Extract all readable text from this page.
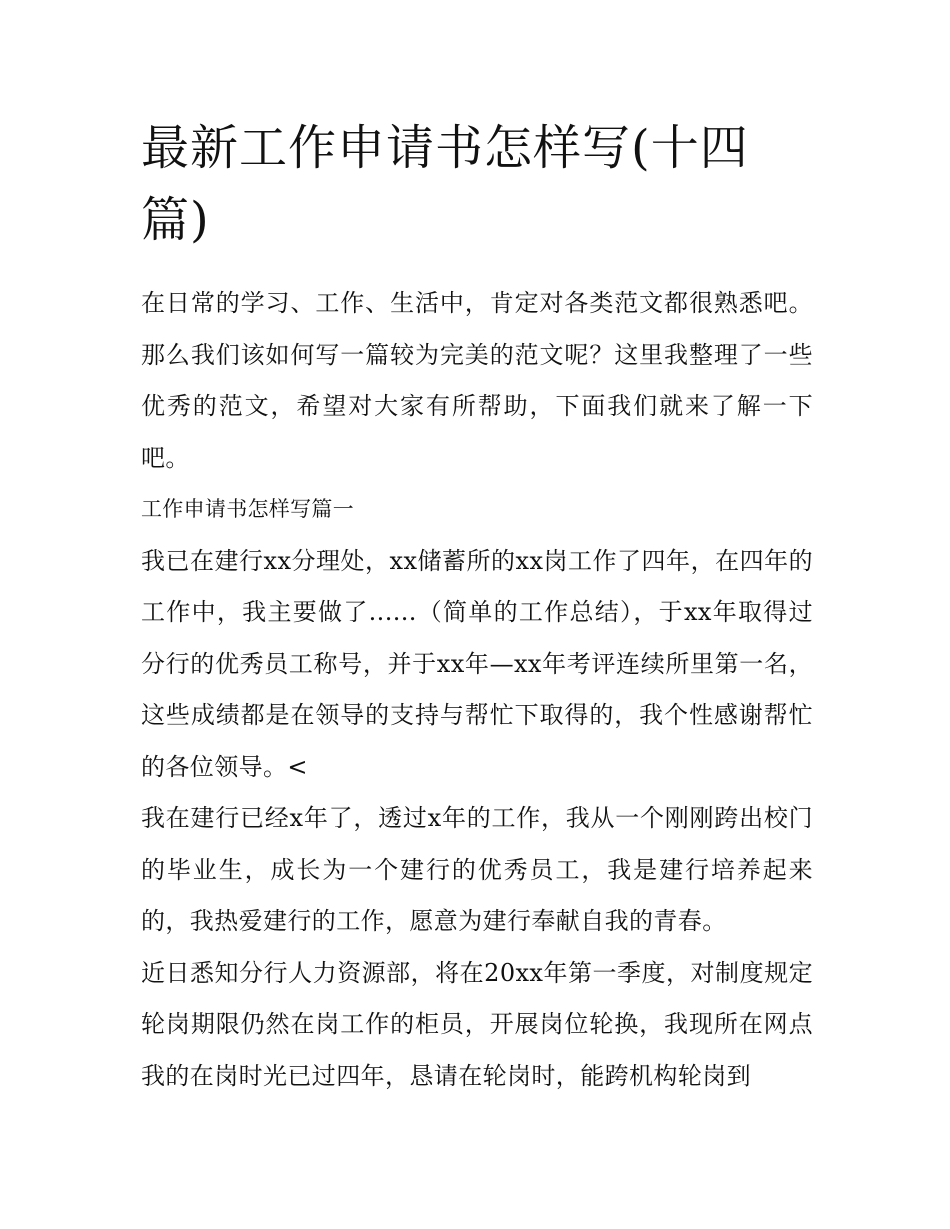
最新工作申请书怎样写(十四篇)

在日常的学习、工作、生活中，肯定对各类范文都很熟悉吧。那么我们该如何写一篇较为完美的范文呢？这里我整理了一些优秀的范文，希望对大家有所帮助，下面我们就来了解一下吧。

工作申请书怎样写篇一

我已在建行xx分理处，xx储蓄所的xx岗工作了四年，在四年的工作中，我主要做了......（简单的工作总结），于xx年取得过分行的优秀员工称号，并于xx年—xx年考评连续所里第一名，这些成绩都是在领导的支持与帮忙下取得的，我个性感谢帮忙的各位领导。<

我在建行已经x年了，透过x年的工作，我从一个刚刚跨出校门的毕业生，成长为一个建行的优秀员工，我是建行培养起来的，我热爱建行的工作，愿意为建行奉献自我的青春。

近日悉知分行人力资源部，将在20xx年第一季度，对制度规定轮岗期限仍然在岗工作的柜员，开展岗位轮换，我现所在网点我的在岗时光已过四年，恳请在轮岗时，能跨机构轮岗到
